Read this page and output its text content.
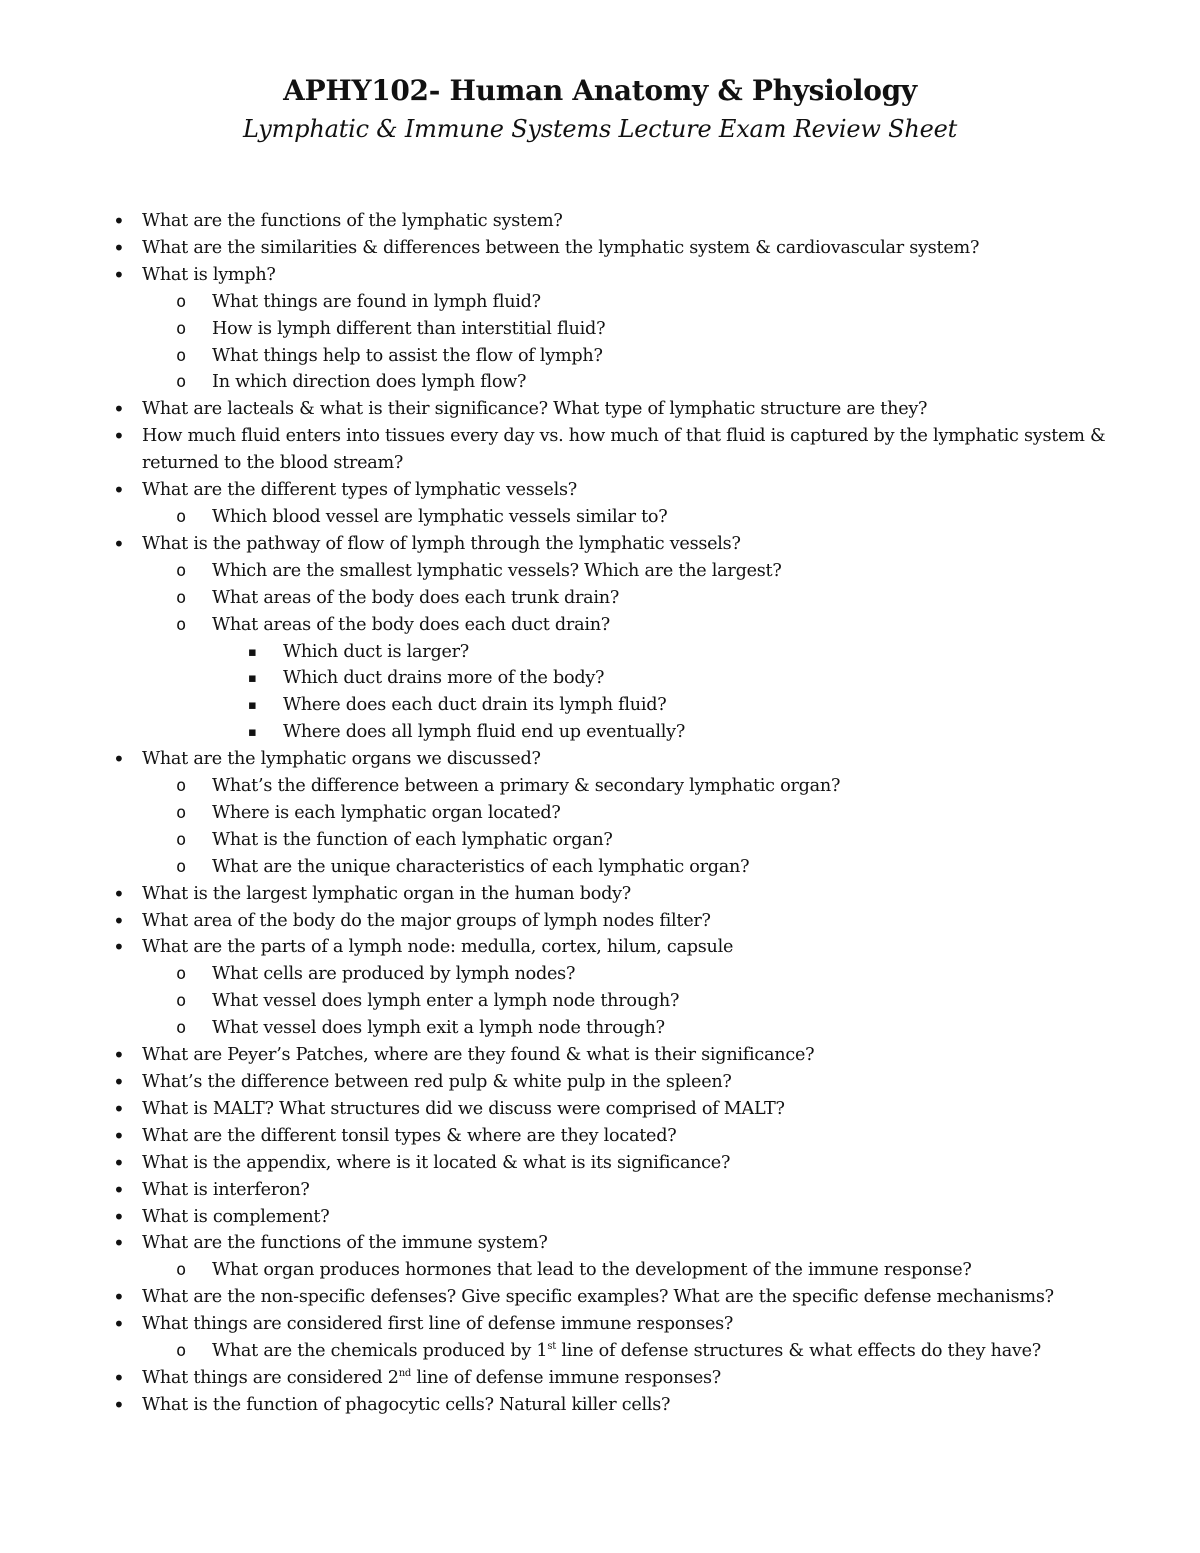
APHY102- Human Anatomy & Physiology
Lymphatic & Immune Systems Lecture Exam Review Sheet
• What are the functions of the lymphatic system?
• What are the similarities & differences between the lymphatic system & cardiovascular system?
• What is lymph?
o What things are found in lymph fluid?
o How is lymph different than interstitial fluid?
o What things help to assist the flow of lymph?
o In which direction does lymph flow?
• What are lacteals & what is their significance? What type of lymphatic structure are they?
• How much fluid enters into tissues every day vs. how much of that fluid is captured by the lymphatic system & returned to the blood stream?
• What are the different types of lymphatic vessels?
o Which blood vessel are lymphatic vessels similar to?
• What is the pathway of flow of lymph through the lymphatic vessels?
o Which are the smallest lymphatic vessels? Which are the largest?
o What areas of the body does each trunk drain?
o What areas of the body does each duct drain?
▪ Which duct is larger?
▪ Which duct drains more of the body?
▪ Where does each duct drain its lymph fluid?
▪ Where does all lymph fluid end up eventually?
• What are the lymphatic organs we discussed?
o What’s the difference between a primary & secondary lymphatic organ?
o Where is each lymphatic organ located?
o What is the function of each lymphatic organ?
o What are the unique characteristics of each lymphatic organ?
• What is the largest lymphatic organ in the human body?
• What area of the body do the major groups of lymph nodes filter?
• What are the parts of a lymph node: medulla, cortex, hilum, capsule
o What cells are produced by lymph nodes?
o What vessel does lymph enter a lymph node through?
o What vessel does lymph exit a lymph node through?
• What are Peyer’s Patches, where are they found & what is their significance?
• What’s the difference between red pulp & white pulp in the spleen?
• What is MALT? What structures did we discuss were comprised of MALT?
• What are the different tonsil types & where are they located?
• What is the appendix, where is it located & what is its significance?
• What is interferon?
• What is complement?
• What are the functions of the immune system?
o What organ produces hormones that lead to the development of the immune response?
• What are the non-specific defenses? Give specific examples? What are the specific defense mechanisms?
• What things are considered first line of defense immune responses?
o What are the chemicals produced by 1st line of defense structures & what effects do they have?
• What things are considered 2nd line of defense immune responses?
• What is the function of phagocytic cells? Natural killer cells?
